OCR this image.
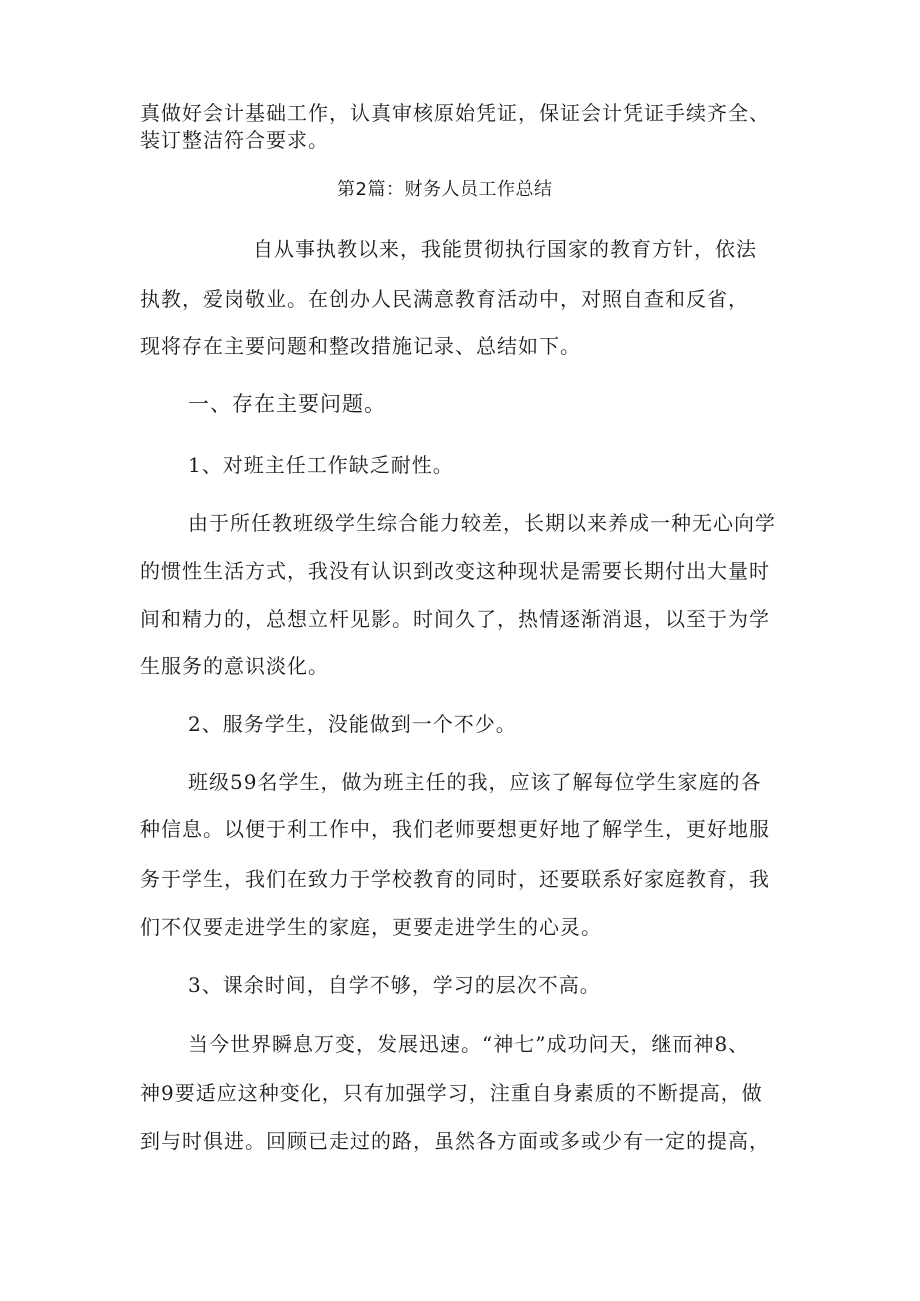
真做好会计基础工作，认真审核原始凭证，保证会计凭证手续齐全、
装订整洁符合要求。
第2篇：财务人员工作总结
自从事执教以来，我能贯彻执行国家的教育方针，依法
执教，爱岗敬业。在创办人民满意教育活动中，对照自查和反省，
现将存在主要问题和整改措施记录、总结如下。
一、存在主要问题。
1、对班主任工作缺乏耐性。
由于所任教班级学生综合能力较差，长期以来养成一种无心向学
的惯性生活方式，我没有认识到改变这种现状是需要长期付出大量时
间和精力的，总想立杆见影。时间久了，热情逐渐消退，以至于为学
生服务的意识淡化。
2、服务学生，没能做到一个不少。
班级59名学生，做为班主任的我，应该了解每位学生家庭的各
种信息。以便于利工作中，我们老师要想更好地了解学生，更好地服
务于学生，我们在致力于学校教育的同时，还要联系好家庭教育，我
们不仅要走进学生的家庭，更要走进学生的心灵。
3、课余时间，自学不够，学习的层次不高。
当今世界瞬息万变，发展迅速。“神七”成功问天，继而神8、
神9要适应这种变化，只有加强学习，注重自身素质的不断提高，做
到与时俱进。回顾已走过的路，虽然各方面或多或少有一定的提高，
